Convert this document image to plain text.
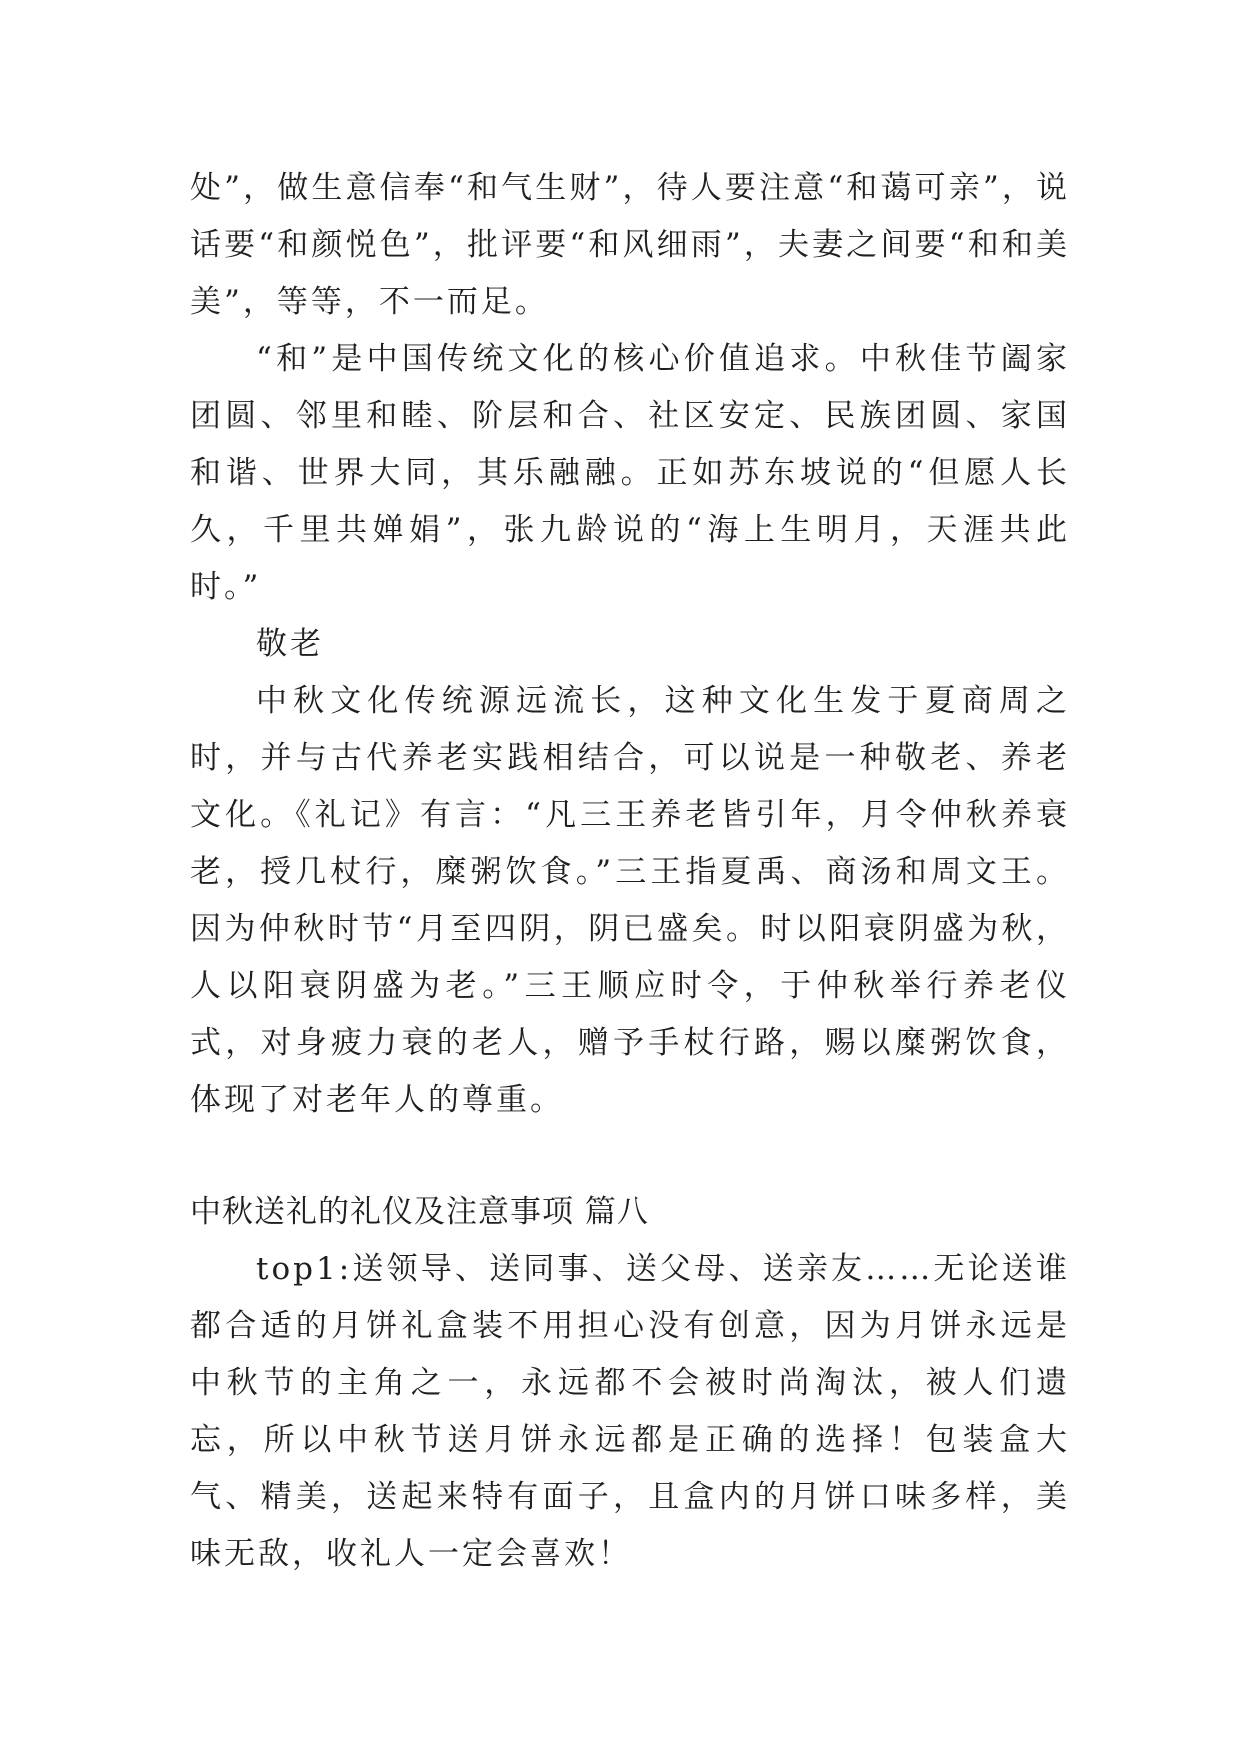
处”，做生意信奉“和气生财”，待人要注意“和蔼可亲”，说话要“和颜悦色”，批评要“和风细雨”，夫妻之间要“和和美美”，等等，不一而足。

“和”是中国传统文化的核心价值追求。中秋佳节阖家团圆、邻里和睦、阶层和合、社区安定、民族团圆、家国和谐、世界大同，其乐融融。正如苏东坡说的“但愿人长久，千里共婵娟”，张九龄说的“海上生明月，天涯共此时。”

敬老

中秋文化传统源远流长，这种文化生发于夏商周之时，并与古代养老实践相结合，可以说是一种敬老、养老文化。《礼记》有言：“凡三王养老皆引年，月令仲秋养衰老，授几杖行，糜粥饮食。”三王指夏禹、商汤和周文王。因为仲秋时节“月至四阴，阴已盛矣。时以阳衰阴盛为秋，人以阳衰阴盛为老。”三王顺应时令，于仲秋举行养老仪式，对身疲力衰的老人，赠予手杖行路，赐以糜粥饮食，体现了对老年人的尊重。

中秋送礼的礼仪及注意事项 篇八

top1:送领导、送同事、送父母、送亲友……无论送谁都合适的月饼礼盒装不用担心没有创意，因为月饼永远是中秋节的主角之一，永远都不会被时尚淘汰，被人们遗忘，所以中秋节送月饼永远都是正确的选择！包装盒大气、精美，送起来特有面子，且盒内的月饼口味多样，美味无敌，收礼人一定会喜欢！
